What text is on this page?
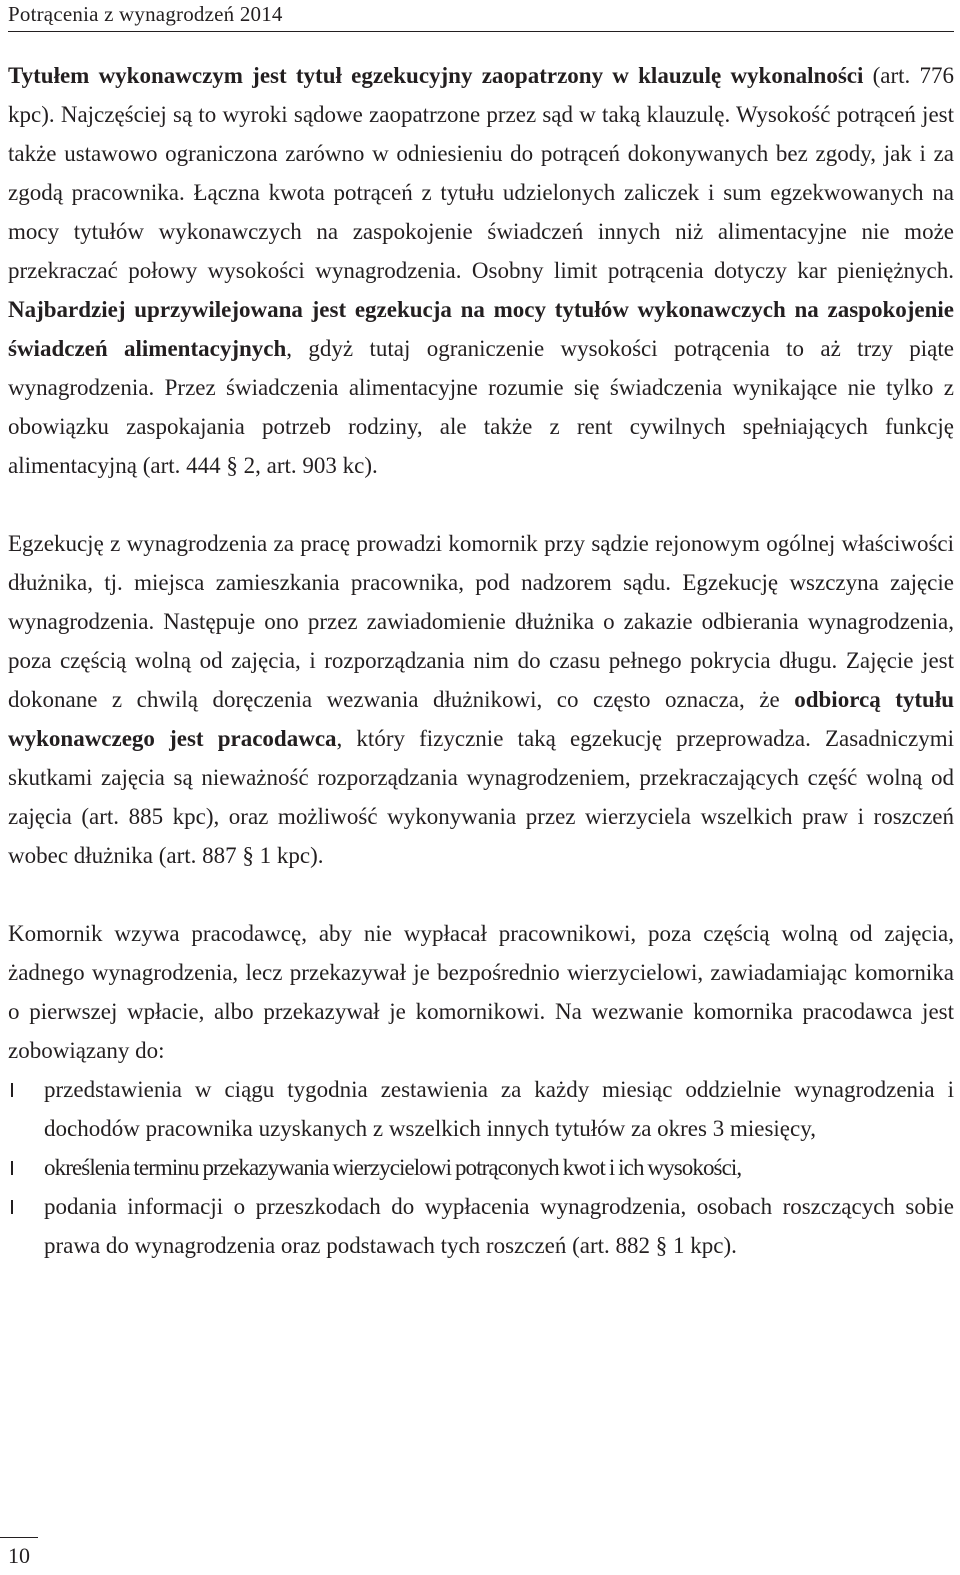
Potrącenia z wynagrodzeń 2014

Tytułem wykonawczym jest tytuł egzekucyjny zaopatrzony w klauzulę wykonalności (art. 776 kpc). Najczęściej są to wyroki sądowe zaopatrzone przez sąd w taką klauzulę. Wysokość potrąceń jest także ustawowo ograniczona zarówno w odniesieniu do potrąceń dokonywanych bez zgody, jak i za zgodą pracownika. Łączna kwota potrąceń z tytułu udzielonych zaliczek i sum egzekwowanych na mocy tytułów wykonawczych na zaspokojenie świadczeń innych niż alimentacyjne nie może przekraczać połowy wysokości wynagrodzenia. Osobny limit potrącenia dotyczy kar pieniężnych. Najbardziej uprzywilejowana jest egzekucja na mocy tytułów wykonawczych na zaspokojenie świadczeń alimentacyjnych, gdyż tutaj ograniczenie wysokości potrącenia to aż trzy piąte wynagrodzenia. Przez świadczenia alimentacyjne rozumie się świadczenia wynikające nie tylko z obowiązku zaspokajania potrzeb rodziny, ale także z rent cywilnych spełniających funkcję alimentacyjną (art. 444 § 2, art. 903 kc).

Egzekucję z wynagrodzenia za pracę prowadzi komornik przy sądzie rejonowym ogólnej właściwości dłużnika, tj. miejsca zamieszkania pracownika, pod nadzorem sądu. Egzekucję wszczyna zajęcie wynagrodzenia. Następuje ono przez zawiadomienie dłużnika o zakazie odbierania wynagrodzenia, poza częścią wolną od zajęcia, i rozporządzania nim do czasu pełnego pokrycia długu. Zajęcie jest dokonane z chwilą doręczenia wezwania dłużnikowi, co często oznacza, że odbiorcą tytułu wykonawczego jest pracodawca, który fizycznie taką egzekucję przeprowadza. Zasadniczymi skutkami zajęcia są nieważność rozporządzania wynagrodzeniem, przekraczających część wolną od zajęcia (art. 885 kpc), oraz możliwość wykonywania przez wierzyciela wszelkich praw i roszczeń wobec dłużnika (art. 887 § 1 kpc).

Komornik wzywa pracodawcę, aby nie wypłacał pracownikowi, poza częścią wolną od zajęcia, żadnego wynagrodzenia, lecz przekazywał je bezpośrednio wierzycielowi, zawiadamiając komornika o pierwszej wpłacie, albo przekazywał je komornikowi. Na wezwanie komornika pracodawca jest zobowiązany do:
przedstawienia w ciągu tygodnia zestawienia za każdy miesiąc oddzielnie wynagrodzenia i dochodów pracownika uzyskanych z wszelkich innych tytułów za okres 3 miesięcy,
określenia terminu przekazywania wierzycielowi potrąconych kwot i ich wysokości,
podania informacji o przeszkodach do wypłacenia wynagrodzenia, osobach roszczących sobie prawa do wynagrodzenia oraz podstawach tych roszczeń (art. 882 § 1 kpc).
10
